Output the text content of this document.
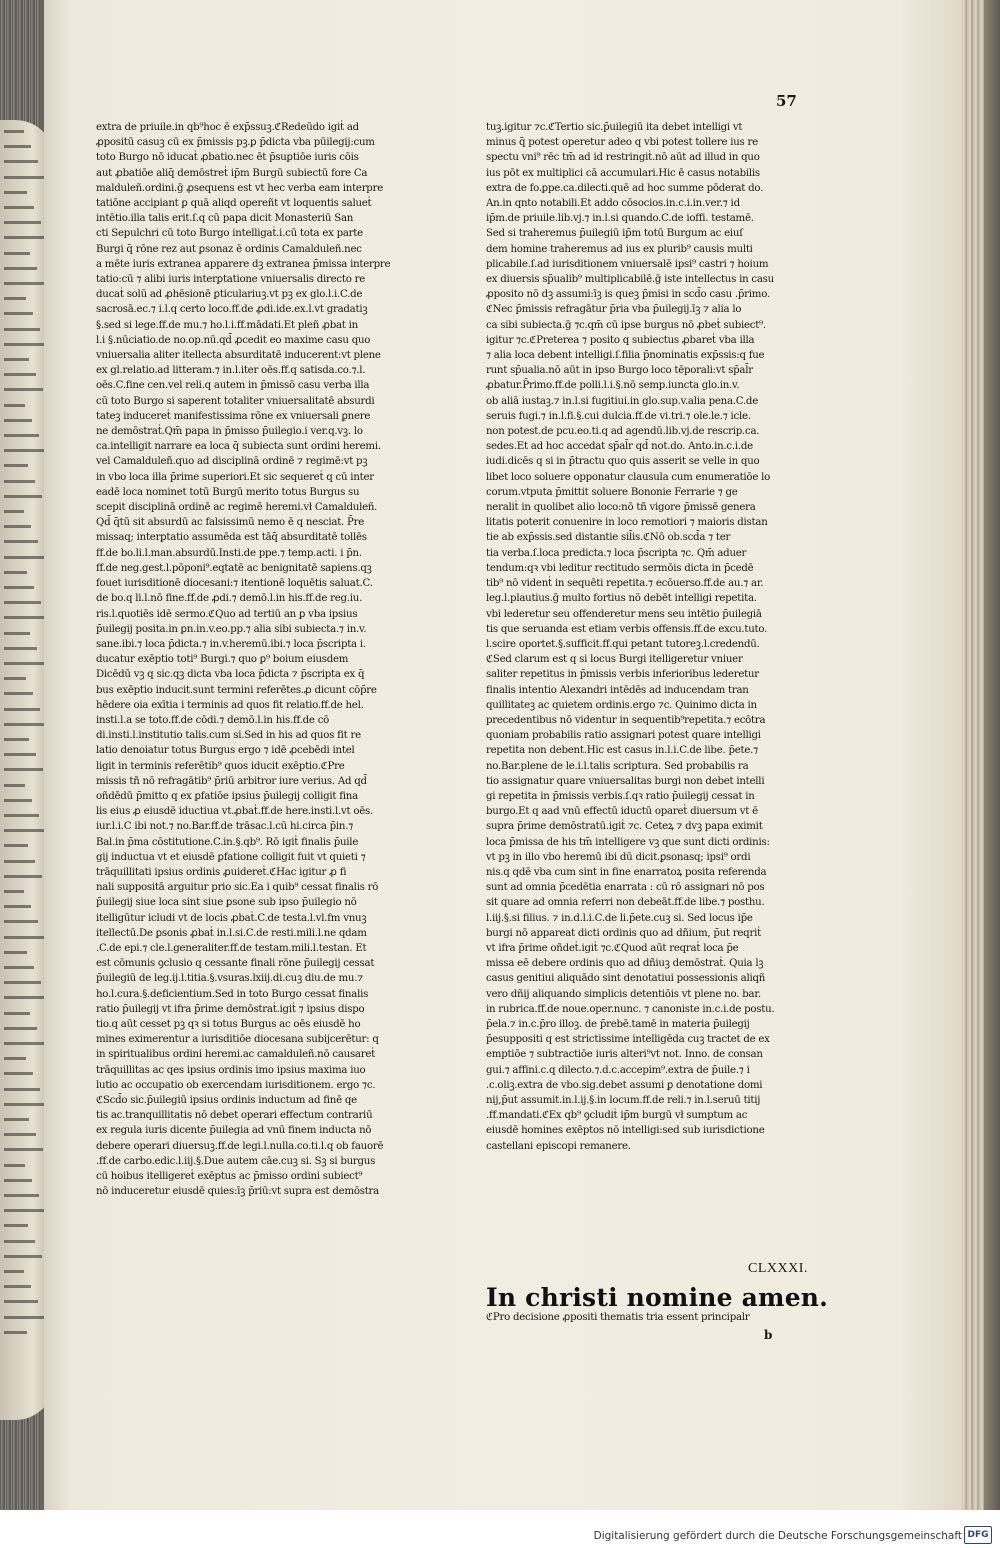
57
extra de priuile.in qb⁹hoc ē exp̄ssuꝫ.ℭRedeūdo igiṫ ad
ꝓpositū casuꝫ cū ex p̄missis pꝫ.ꝑ p̄dicta vba pūilegij:cum
toto Burgo nō iducaṫ ꝓbatio.nec ēt p̄suꝑtiōe iuris cōis
aut ꝓbatiōe aliq̄ demōstreṫ ip̄m Burgū subiectū fore Ca
malduleñ.ordini.ḡ ꝓsequens est vt hec verba eam interpre
tatiōne accipiant ꝑ quā aliqd opereñt vt loquentis salueṫ
intētio.illa talis erit.ſ.q cū papa dicit Monasteriū San
cti Sepulchri cū toto Burgo intelligaṫ.i.cū tota ex parte
Burgi q̄ rōne rez aut ꝑsonaz ē ordinis Camalduleñ.nec
a mēte iuris extranea apparere dꝫ extranea p̄missa interpre
tatio:cū ⁊ alibi iuris interꝑtatione vniuersalis directo re
ducaṫ solū ad ꝓhēsionē ꝑticulariuꝫ.vt pꝫ ex glo.l.i.C.de
sacrosā.ec.⁊ i.l.q certo loco.ff.de ꝓdi.ide.ex.l.vt gradatiꝫ
§.sed si lege.ff.de mu.⁊ ho.l.i.ff.mādati.Et pleñ ꝓbat in
l.i §.nūciatio.de no.op.nū.qd̄ ꝓcedit eo maxime casu quo
vniuersalia aliter itellecta absurditatē inducerent:vt plene
ex gl.relatio.ad litteram.⁊ in.l.iter oēs.ff.q satisda.co.⁊.l.
oēs.C.fine cen.vel reli.q autem in p̄missō casu verba illa
cū toto Burgo si saperent totaliter vniuersalitatē absurdi
tateꝫ inducereṫ manifestissima rōne ex vniuersali ꝑnere
ne demōstraṫ.Qm̄ papa in p̄misso p̄uilegio.i ver.q.vꝫ. lo
ca.intelligit narrare ea loca q̄ subiecta sunt ordini heremi.
vel Camalduleñ.quo ad disciplinā ordinē ⁊ regimē:vt pꝫ
in vbo loca illa p̄rime superiori.Et sic sequereṫ q cū inter
eadē loca nominet totū Burgū merito totus Burgus su
scepit disciplinā ordinē ac regimē heremi.vł Camalduleñ.
Qd̄ q̄tū sit absurdū ac falsissimū nemo ē q nesciat. P̄re
missaq; interꝑtatio assumēda est tāq̄ absurditatē tollēs
ff.de bo.li.l.man.absurdū.Insti.de ppe.⁊ temp.acti. i p̄n.
ff.de neg.gest.l.pōponi⁹.eqtatē ac benignitatē sapiens.qꝫ
fouet iurisditionē diocesani:⁊ itentionē loquētis saluat.C.
de bo.q li.l.nō fine.ff.de ꝓdi.⁊ demō.l.in his.ff.de reg.iu.
ris.l.quotiēs idē sermo.ℭQuo ad tertiū an ꝑ vba ipsius
p̄uilegij posita.in ꝑn.in.v.eo.pp.⁊ alia sibi subiecta.⁊ in.v.
sane.ibi.⁊ loca p̄dicta.⁊ in.v.heremū.ibi.⁊ loca p̄scripta i.
ducatur exēptio toti⁹ Burgi.⁊ quo ꝑ⁹ boium eiusdem
Dicēdū vꝫ q sic.qꝫ dicta vba loca p̄dicta ⁊ p̄scripta ex q̄
bus exēptio inducit.sunt termini referētes.ꝓ dicunt cōp̄re
hēdere oia exītia i terminis ad quos fit relatio.ff.de hel.
insti.l.a se toto.ff.de cōdi.⁊ demō.l.in his.ff.de cō
di.insti.l.institutio talis.cum si.Sed in his ad quos fit re
latio denoiatur totus Burgus ergo ⁊ idē ꝓcebēdi intel
ligit in terminis referētib⁹ quos iducit exēptio.ℭPre
missis tñ nō refragātib⁹ p̄riū arbitror iure verius. Ad qd̄
oñdēdū p̄mitto q ex ꝑfatiōe ipsius p̄uilegij colligit fina
lis eius ꝓ eiusdē iductiua vt.ꝓbaṫ.ff.de here.insti.l.vt oēs.
iur.l.i.C ibi not.⁊ no.Bar.ff.de trāsac.l.cū hi.circa p̄in.⁊
Bal.in p̄ma cōstitutione.C.in.§.qb⁹. Rō igiṫ finalis p̄uile
gij inductua vt et eiusdē ꝑfatione colligit fuit vt quieti ⁊
trāquillitati ipsius ordinis ꝓuidereṫ.ℭHac igitur ꝓ fi
nali suppositā arguitur prio sic.Ea i quib⁹ cessat finalis rō
p̄uilegij siue loca sint siue ꝑsone sub ipso p̄uilegio nō
itelligūtur icludi vt de locis ꝓbaṫ.C.de testa.l.vl.fm vnuꝫ
itellectū.De ꝑsonis ꝓbaṫ in.l.si.C.de resti.mili.l.ne qdam
.C.de epi.⁊ cle.l.generaliter.ff.de testam.mili.l.testan. Et
est cōmunis ꝯclusio q cessante finali rōne p̄uilegij cessat
p̄uilegiū de leg.ij.l.titia.§.vsuras.lxiij.di.cuꝫ diu.de mu.⁊
ho.l.cura.§.deficientium.Sed in toto Burgo cessat finalis
ratio p̄uilegij vt ifra p̄rime demōstraṫ.igiṫ ⁊ ipsius dispo
tio.q aūt cesset pꝫ qꝛ si totus Burgus ac oēs eiusdē ho
mines eximerentur a iurisditiōe diocesana subijcerētur: q
in spiritualibus ordini heremi.ac camalduleñ.nō causareṫ
trāquillitas ac qes ipsius ordinis imo ipsius maxima iuo
lutio ac occupatio ob exercendam iurisditionem. ergo ⁊c.
ℭScd̄o sic.p̄uilegiū ipsius ordinis inductum ad finē qe
tis ac.tranquillitatis nō debet operari effectum contrariū
ex regula iuris dicente p̄uilegia ad vnū finem inducta nō
debere operari diuersuꝫ.ff.de legi.l.nulla.co.ti.l.q ob fauorē
.ff.de carbo.edic.l.iij.§.Due autem cāe.cuꝫ si. Sꝫ si burgus
cū hoibus itelligereṫ exēptus ac p̄misso ordini subiect⁹
nō induceretur eiusdē quies:īꝫ p̄riū:vt supra est demōstra
tuꝫ.igitur ⁊c.ℭTertio sic.p̄uilegiū ita debet intelligi vt
minus q̄ potest operetur adeo q vbi potest tollere ius re
spectu vni⁹ rēc tm̄ ad id restringiṫ.nō aūt ad illud in quo
ius pōt ex multiplici cā accumulari.Hic ē casus notabilis
extra de fo.ꝑpe.ca.dilecti.quē ad hoc summe pōderat do.
An.in qnto notabili.Et addo cōsocios.in.c.i.in.ver.⁊ id
ip̄m.de priuile.lib.vj.⁊ in.l.si quando.C.de ioffi. testamē.
Sed si traheremus p̄uilegiū ip̄m totū Burgum ac eiuſ
dem homine traheremus ad ius ex plurib⁹ causis multi
plicabile.ſ.ad iurisditionem vniuersalē ipsi⁹ castri ⁊ hoium
ex diuersis sp̄ualib⁹ multiplicabilē.ḡ iste intellectus in casu
ꝓposito nō dꝫ assumi:īꝫ is queꝫ p̄misi in scd̄o casu .p̄rimo.
ℭNec p̄missis refragātur p̄ria vba p̄uilegij.īꝫ ⁊ alia lo
ca sibi subiecta.ḡ ⁊c.qm̄ cū ipse burgus nō ꝓbeṫ subiect⁹.
igitur ⁊c.ℭPreterea ⁊ posito q subiectus ꝓbareṫ vba illa
⁊ alia loca debent intelligi.ſ.filia p̄nominatis exp̄ssis:q fue
runt sp̄ualia.nō aūt in ipso Burgo loco tēporali:vt sp̄al̄r
ꝓbatur.P̄rimo.ff.de polli.l.i.§.nō semp.iuncta glo.in.v.
ob aliā iustaꝫ.⁊ in.l.si fugitiui.in glo.sup.v.alia pena.C.de
seruis fugi.⁊ in.l.fi.§.cui dulcia.ff.de vi.tri.⁊ ole.le.⁊ icle.
non potest.de pcu.eo.ti.q ad agendū.lib.vj.de rescrip.ca.
sedes.Et ad hoc accedat sp̄al̄r qd̄ not.do. Anto.in.c.i.de
iudi.dicēs q si in p̄tractu quo quis asserit se velle in quo
libet loco soluere opponatur clausula cum enumeratiōe lo
corum.vtputa p̄mittit soluere Bononie Ferrarie ⁊ ge
neraliṫ in quolibet alio loco:nō tñ vigore p̄missē genera
litatis poterit conuenire in loco remotiori ⁊ maioris distan
tie ab exp̄ssis.sed distantie sil̄is.ℭNō ob.scd̄a ⁊ ter
tia verba.ſ.loca predicta.⁊ loca p̄scripta ⁊c. Qm̄ aduer
tendum:qꝛ vbi leditur rectitudo sermōis dicta in p̄cedē
tib⁹ nō videnṫ in sequēti repetita.⁊ ecōuerso.ff.de au.⁊ ar.
leg.l.plautius.ḡ multo fortius nō debēt intelligi repetita.
vbi lederetur seu offenderetur mens seu intētio p̄uilegiā
tis que seruanda est etiam verbis offensis.ff.de excu.tuto.
l.scire oportet.§.sufficit.ff.qui petant tutoreꝫ.l.credendū.
ℭSed clarum est q si locus Burgi itelligeretur vniuer
saliter repetitus in p̄missis verbis inferioribus lederetur
finalis intentio Alexandri intēdēs ad inducendam tran
quillitateꝫ ac quietem ordinis.ergo ⁊c. Quinimo dicta in
precedentibus nō videntur in sequentib⁹repetita.⁊ ecōtra
quoniam probabilis ratio assignari potest quare intelligi
repetita non debent.Hic est casus in.l.i.C.de libe. p̄ete.⁊
no.Bar.plene de le.i.l.talis scriptura. Sed probabilis ra
tio assignatur quare vniuersalitas burgi non debet intelli
gi repetita in p̄missis verbis.ſ.qꝛ ratio p̄uilegij cessat in
burgo.Et q aad vnū effectū iductū opareṫ diuersum vt ē
supra p̄rime demōstratū.igiṫ ⁊c. Ceteꝝ ⁊ dvꝫ papa eximit
loca p̄missa de his tm̄ intelligere vꝫ que sunt dicti ordinis:
vt pꝫ in illo vbo heremū ibi dū dicit.ꝑsonasq; ipsi⁹ ordi
nis.q qdē vba cum sint in fine enarratoꝝ posita referenda
sunt ad omnia p̄cedētia enarrata : cū rō assignari nō pos
sit quare ad omnia referri non debeāt.ff.de libe.⁊ posthu.
l.iij.§.si filius. ⁊ in.d.l.i.C.de li.p̄ete.cuꝫ si. Sed locus ip̄e
burgi nō appareat dicti ordinis quo ad dñium, p̄ut reqriṫ
vt ifra p̄rime oñdeṫ.igiṫ ⁊c.ℭQuod aūt reqraṫ loca p̄e
missa eē debere ordinis quo ad dñiuꝫ demōstraṫ. Quia lꝫ
casus genitiui aliquādo sint denotatiui possessionis aliqñ
vero dñij aliquando simplicis detentiōis vt plene no. bar.
in rubrica.ff.de noue.oper.nunc. ⁊ canoniste in.c.i.de postu.
p̄ela.⁊ in.c.p̄ro illoꝫ. de p̄rebē.tamē in materia p̄uilegij
p̄esuppositi q est strictissime intelligēda cuꝫ tractet de ex
emptiōe ⁊ subtractiōe iuris alteri⁹vt not. Inno. de consan
gui.⁊ affini.c.q dilecto.⁊.d.c.accepim⁹.extra de p̄uile.⁊ i
.c.oliꝫ.extra de vbo.sig.debet assumi ꝑ denotatione domi
nij,p̄ut assumit.in.l.ij.§.in locum.ff.de reli.⁊ in.l.seruū titij
.ff.mandati.ℭEx qb⁹ ꝯcludiṫ ip̄m burgū vł sumptum ac
eiusdē homines exēptos nō intelligi:sed sub iurisdictione
castellani episcopi remanere.
CLXXXI.
In christi nomine amen.
ℭPro decisione ꝓpositi thematis tria essent principalr
b
Digitalisierung gefördert durch die Deutsche Forschungsgemeinschaft DFG
